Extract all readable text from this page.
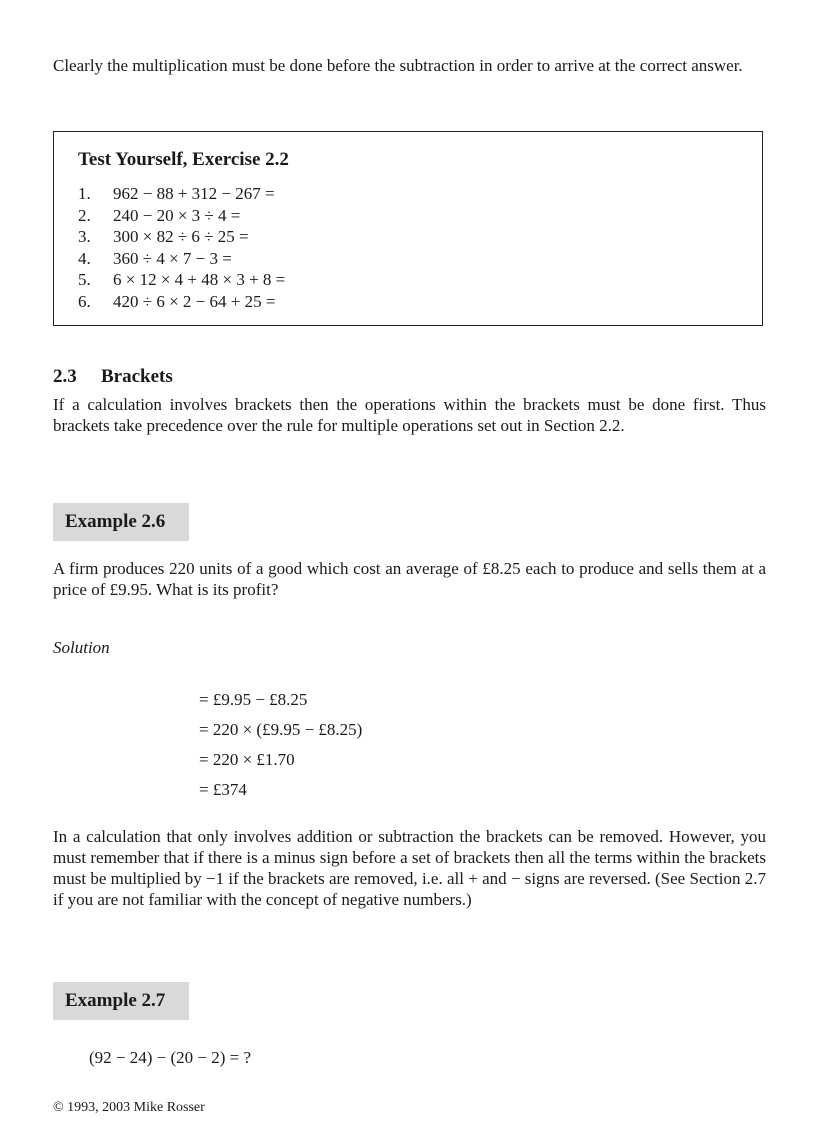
Clearly the multiplication must be done before the subtraction in order to arrive at the correct answer.

Test Yourself, Exercise 2.2

1.	962 − 88 + 312 − 267 =
2.	240 − 20 × 3 ÷ 4 =
3.	300 × 82 ÷ 6 ÷ 25 =
4.	360 ÷ 4 × 7 − 3 =
5.	6 × 12 × 4 + 48 × 3 + 8 =
6.	420 ÷ 6 × 2 − 64 + 25 =

2.3 Brackets

If a calculation involves brackets then the operations within the brackets must be done first. Thus brackets take precedence over the rule for multiple operations set out in Section 2.2.

Example 2.6

A firm produces 220 units of a good which cost an average of £8.25 each to produce and sells them at a price of £9.95. What is its profit?

Solution
= £9.95 − £8.25
= 220 × (£9.95 − £8.25)
= 220 × £1.70
= £374

In a calculation that only involves addition or subtraction the brackets can be removed. However, you must remember that if there is a minus sign before a set of brackets then all the terms within the brackets must be multiplied by −1 if the brackets are removed, i.e. all + and − signs are reversed. (See Section 2.7 if you are not familiar with the concept of negative numbers.)

Example 2.7
(92 − 24) − (20 − 2) = ?
© 1993, 2003 Mike Rosser
